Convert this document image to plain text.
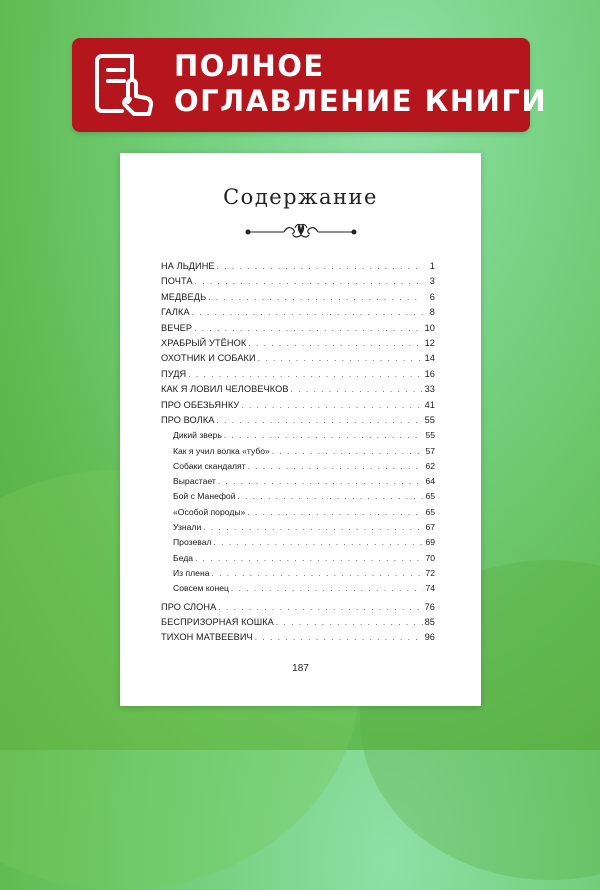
ПОЛНОЕ
ОГЛАВЛЕНИЕ КНИГИ
Содержание
НА ЛЬДИНЕ . . .	1
ПОЧТА . . .	3
МЕДВЕДЬ . . .	6
ГАЛКА . . .	8
ВЕЧЕР . . .	10
ХРАБРЫЙ УТЁНОК . . .	12
ОХОТНИК И СОБАКИ . . .	14
ПУДЯ . . .	16
КАК Я ЛОВИЛ ЧЕЛОВЕЧКОВ . . .	33
ПРО ОБЕЗЬЯНКУ . . .	41
ПРО ВОЛКА . . .	55
Дикий зверь . . .	55
Как я учил волка «тубо» . . .	57
Собаки скандалят . . .	62
Вырастает . . .	64
Бой с Манефой . . .	65
«Особой породы» . . .	65
Узнали . . .	67
Прозевал . . .	69
Беда . . .	70
Из плена . . .	72
Совсем конец . . .	74
ПРО СЛОНА . . .	76
БЕСПРИЗОРНАЯ КОШКА . . .	85
ТИХОН МАТВЕЕВИЧ . . .	96
187
